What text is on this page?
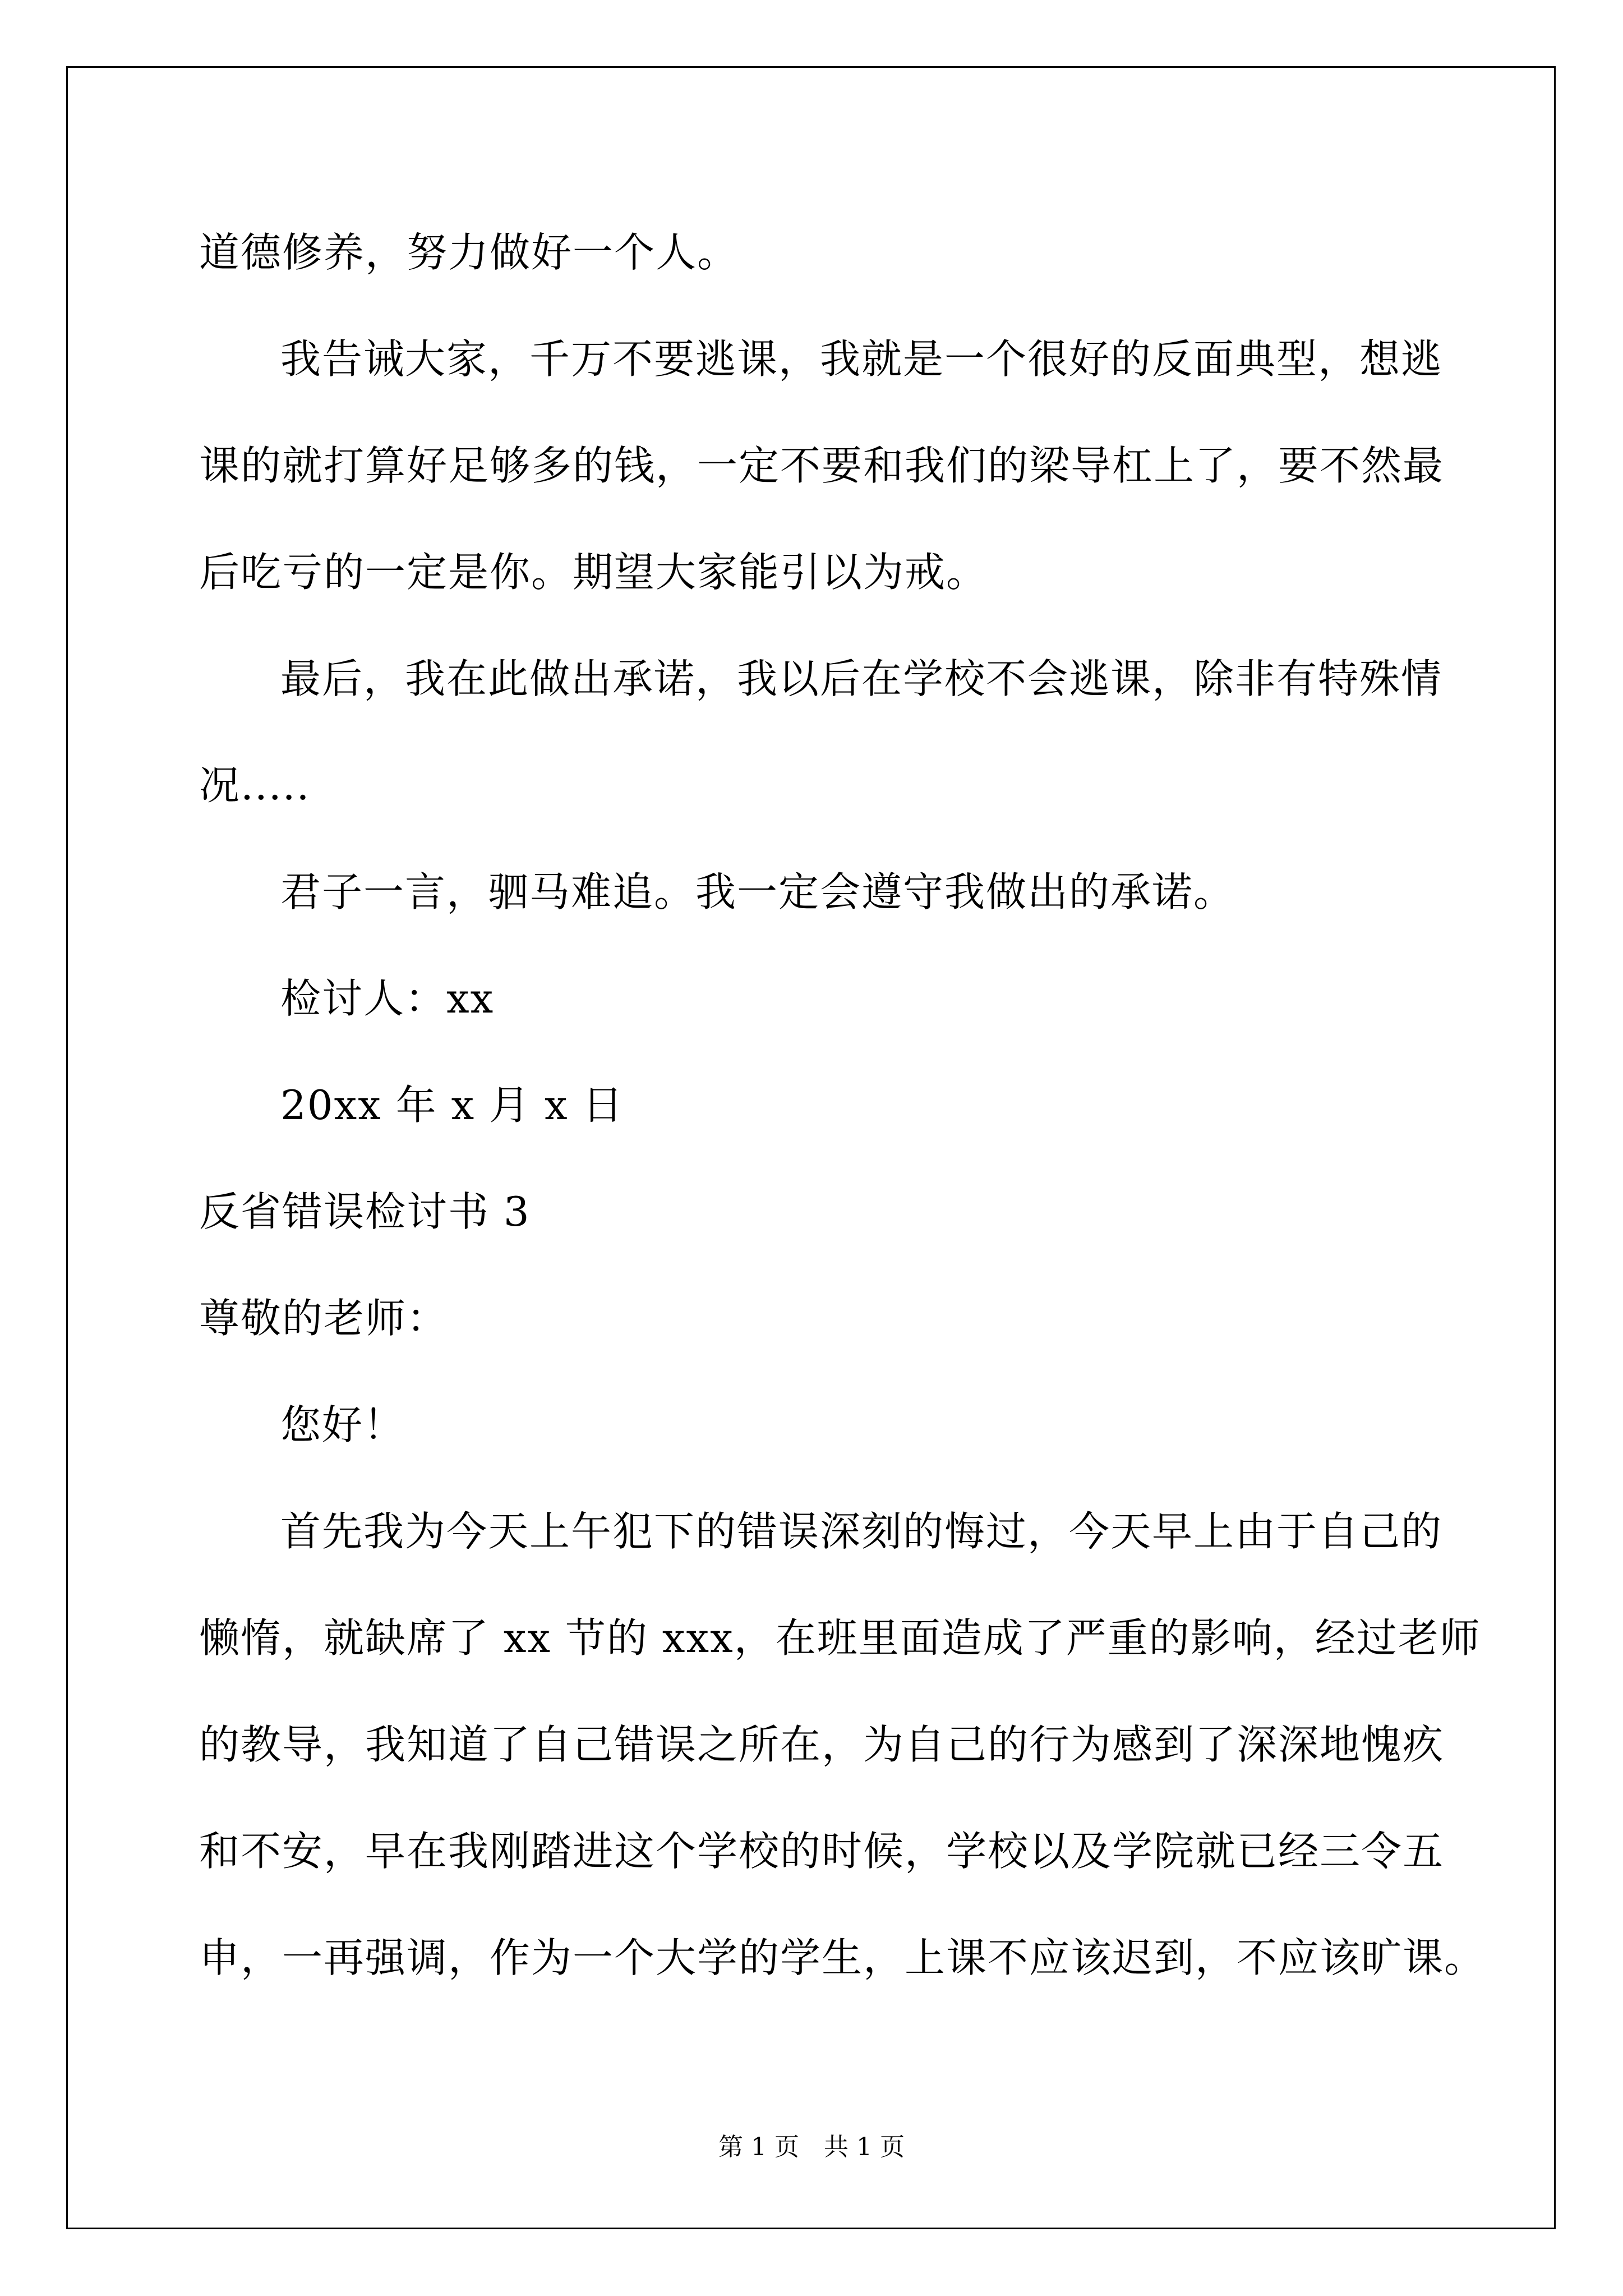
道德修养，努力做好一个人。
我告诫大家，千万不要逃课，我就是一个很好的反面典型，想逃
课的就打算好足够多的钱，一定不要和我们的梁导杠上了，要不然最
后吃亏的一定是你。期望大家能引以为戒。
最后，我在此做出承诺，我以后在学校不会逃课，除非有特殊情
况.....
君子一言，驷马难追。我一定会遵守我做出的承诺。
检讨人：xx
20xx 年 x 月 x 日
反省错误检讨书 3
尊敬的老师：
您好！
首先我为今天上午犯下的错误深刻的悔过，今天早上由于自己的
懒惰，就缺席了 xx 节的 xxx，在班里面造成了严重的影响，经过老师
的教导，我知道了自己错误之所在，为自己的行为感到了深深地愧疚
和不安，早在我刚踏进这个学校的时候，学校以及学院就已经三令五
申，一再强调，作为一个大学的学生，上课不应该迟到，不应该旷课。
第 1 页　共 1 页
